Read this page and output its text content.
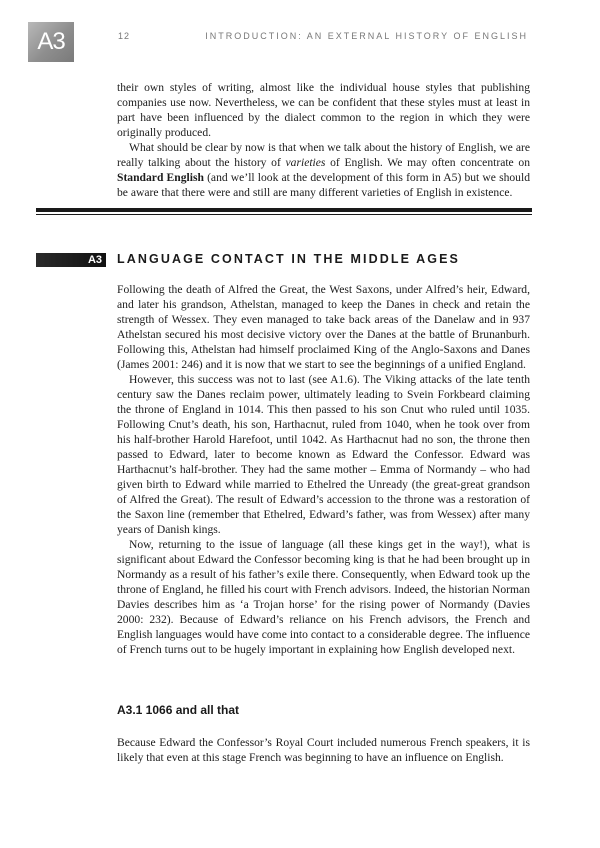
A3	12	INTRODUCTION: AN EXTERNAL HISTORY OF ENGLISH

their own styles of writing, almost like the individual house styles that publishing companies use now. Nevertheless, we can be confident that these styles must at least in part have been influenced by the dialect common to the region in which they were originally produced.

What should be clear by now is that when we talk about the history of English, we are really talking about the history of varieties of English. We may often concentrate on Standard English (and we’ll look at the development of this form in A5) but we should be aware that there were and still are many different varieties of English in existence.

A3	LANGUAGE CONTACT IN THE MIDDLE AGES

Following the death of Alfred the Great, the West Saxons, under Alfred’s heir, Edward, and later his grandson, Athelstan, managed to keep the Danes in check and retain the strength of Wessex. They even managed to take back areas of the Danelaw and in 937 Athelstan secured his most decisive victory over the Danes at the battle of Brunanburh. Following this, Athelstan had himself proclaimed King of the Anglo-Saxons and Danes (James 2001: 246) and it is now that we start to see the beginnings of a unified England.

However, this success was not to last (see A1.6). The Viking attacks of the late tenth century saw the Danes reclaim power, ultimately leading to Svein Forkbeard claiming the throne of England in 1014. This then passed to his son Cnut who ruled until 1035. Following Cnut’s death, his son, Harthacnut, ruled from 1040, when he took over from his half-brother Harold Harefoot, until 1042. As Harthacnut had no son, the throne then passed to Edward, later to become known as Edward the Confessor. Edward was Harthacnut’s half-brother. They had the same mother – Emma of Normandy – who had given birth to Edward while married to Ethelred the Unready (the great-great grandson of Alfred the Great). The result of Edward’s accession to the throne was a restoration of the Saxon line (remember that Ethelred, Edward’s father, was from Wessex) after many years of Danish kings.

Now, returning to the issue of language (all these kings get in the way!), what is significant about Edward the Confessor becoming king is that he had been brought up in Normandy as a result of his father’s exile there. Consequently, when Edward took up the throne of England, he filled his court with French advisors. Indeed, the historian Norman Davies describes him as ‘a Trojan horse’ for the rising power of Normandy (Davies 2000: 232). Because of Edward’s reliance on his French advisors, the French and English languages would have come into contact to a considerable degree. The influence of French turns out to be hugely important in explaining how English developed next.

A3.1 1066 and all that

Because Edward the Confessor’s Royal Court included numerous French speakers, it is likely that even at this stage French was beginning to have an influence on English.
